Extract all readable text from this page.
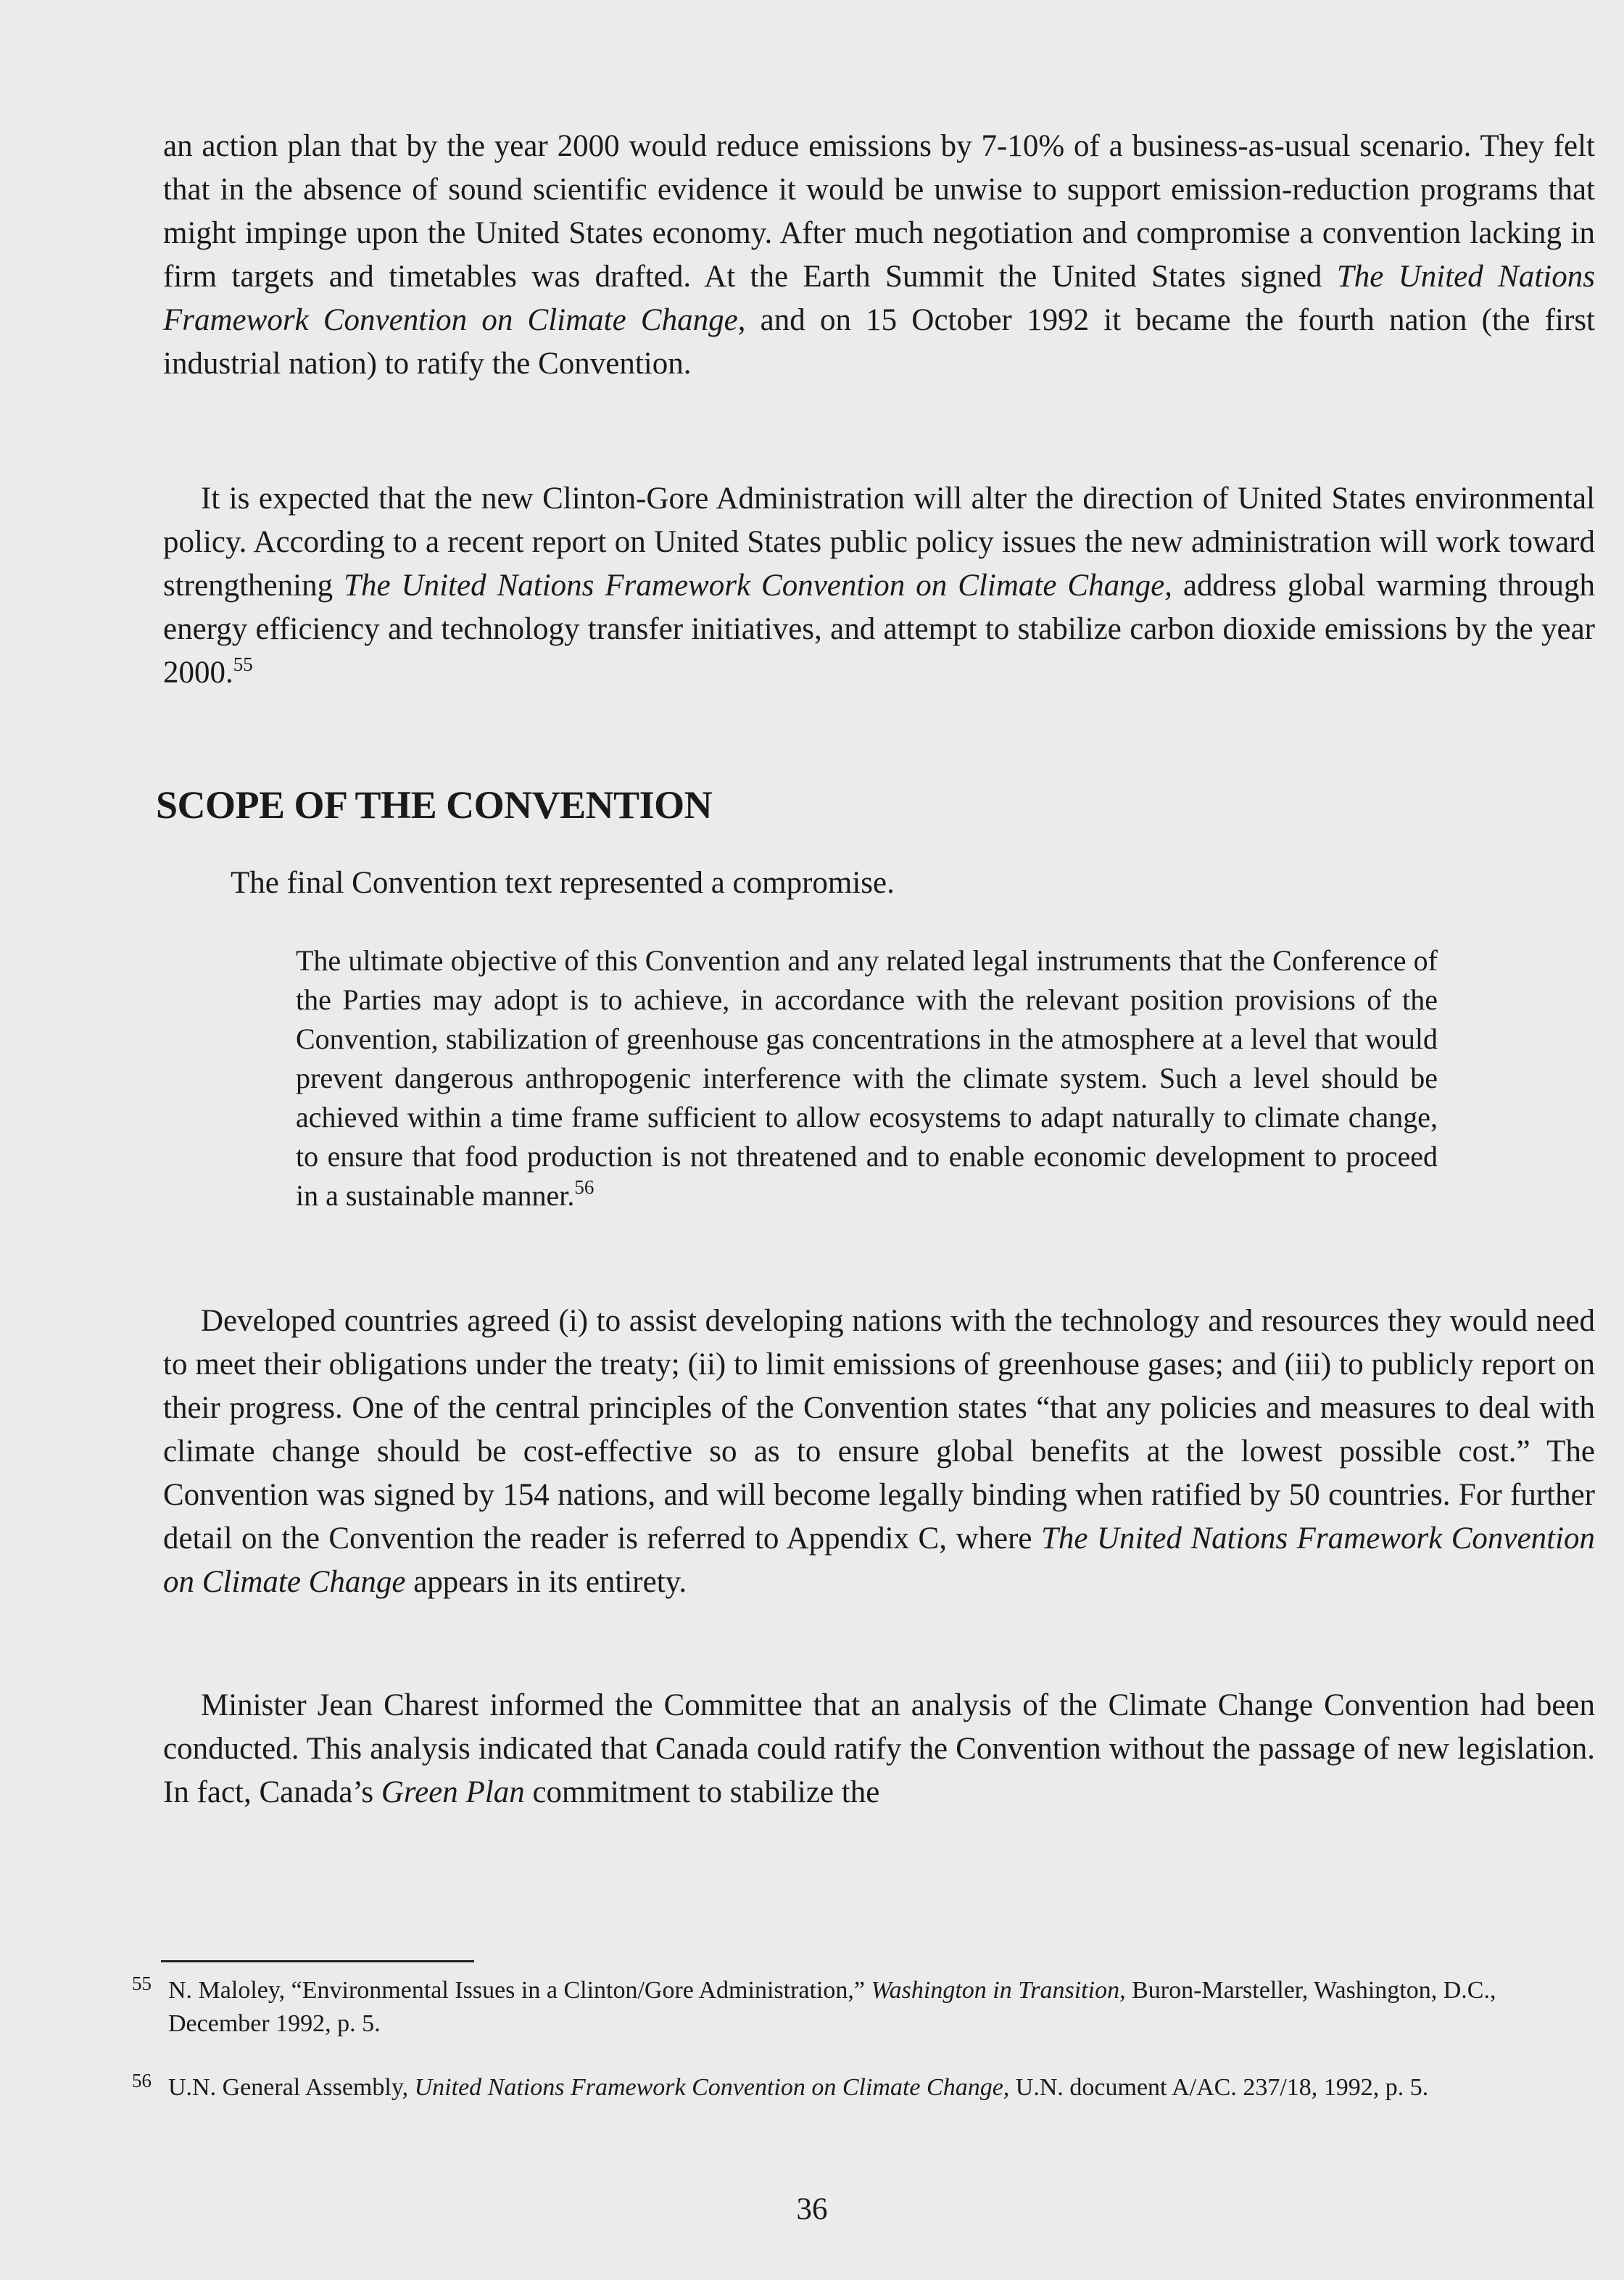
an action plan that by the year 2000 would reduce emissions by 7-10% of a business-as-usual scenario. They felt that in the absence of sound scientific evidence it would be unwise to support emission-reduction programs that might impinge upon the United States economy. After much negotiation and compromise a convention lacking in firm targets and timetables was drafted. At the Earth Summit the United States signed The United Nations Framework Convention on Climate Change, and on 15 October 1992 it became the fourth nation (the first industrial nation) to ratify the Convention.

It is expected that the new Clinton-Gore Administration will alter the direction of United States environmental policy. According to a recent report on United States public policy issues the new administration will work toward strengthening The United Nations Framework Convention on Climate Change, address global warming through energy efficiency and technology transfer initiatives, and attempt to stabilize carbon dioxide emissions by the year 2000.55

SCOPE OF THE CONVENTION

The final Convention text represented a compromise.

The ultimate objective of this Convention and any related legal instruments that the Conference of the Parties may adopt is to achieve, in accordance with the relevant position provisions of the Convention, stabilization of greenhouse gas concentrations in the atmosphere at a level that would prevent dangerous anthropogenic interference with the climate system. Such a level should be achieved within a time frame sufficient to allow ecosystems to adapt naturally to climate change, to ensure that food production is not threatened and to enable economic development to proceed in a sustainable manner.$^{56}$

Developed countries agreed (i) to assist developing nations with the technology and resources they would need to meet their obligations under the treaty; (ii) to limit emissions of greenhouse gases; and (iii) to publicly report on their progress. One of the central principles of the Convention states “that any policies and measures to deal with climate change should be cost-effective so as to ensure global benefits at the lowest possible cost.” The Convention was signed by 154 nations, and will become legally binding when ratified by 50 countries. For further detail on the Convention the reader is referred to Appendix C, where The United Nations Framework Convention on Climate Change appears in its entirety.

Minister Jean Charest informed the Committee that an analysis of the Climate Change Convention had been conducted. This analysis indicated that Canada could ratify the Convention without the passage of new legislation. In fact, Canada’s Green Plan commitment to stabilize the

55 N. Maloley, “Environmental Issues in a Clinton/Gore Administration,” Washington in Transition, Buron-Marsteller, Washington, D.C., December 1992, p. 5.

56 U.N. General Assembly, United Nations Framework Convention on Climate Change, U.N. document A/AC. 237/18, 1992, p. 5.

36
